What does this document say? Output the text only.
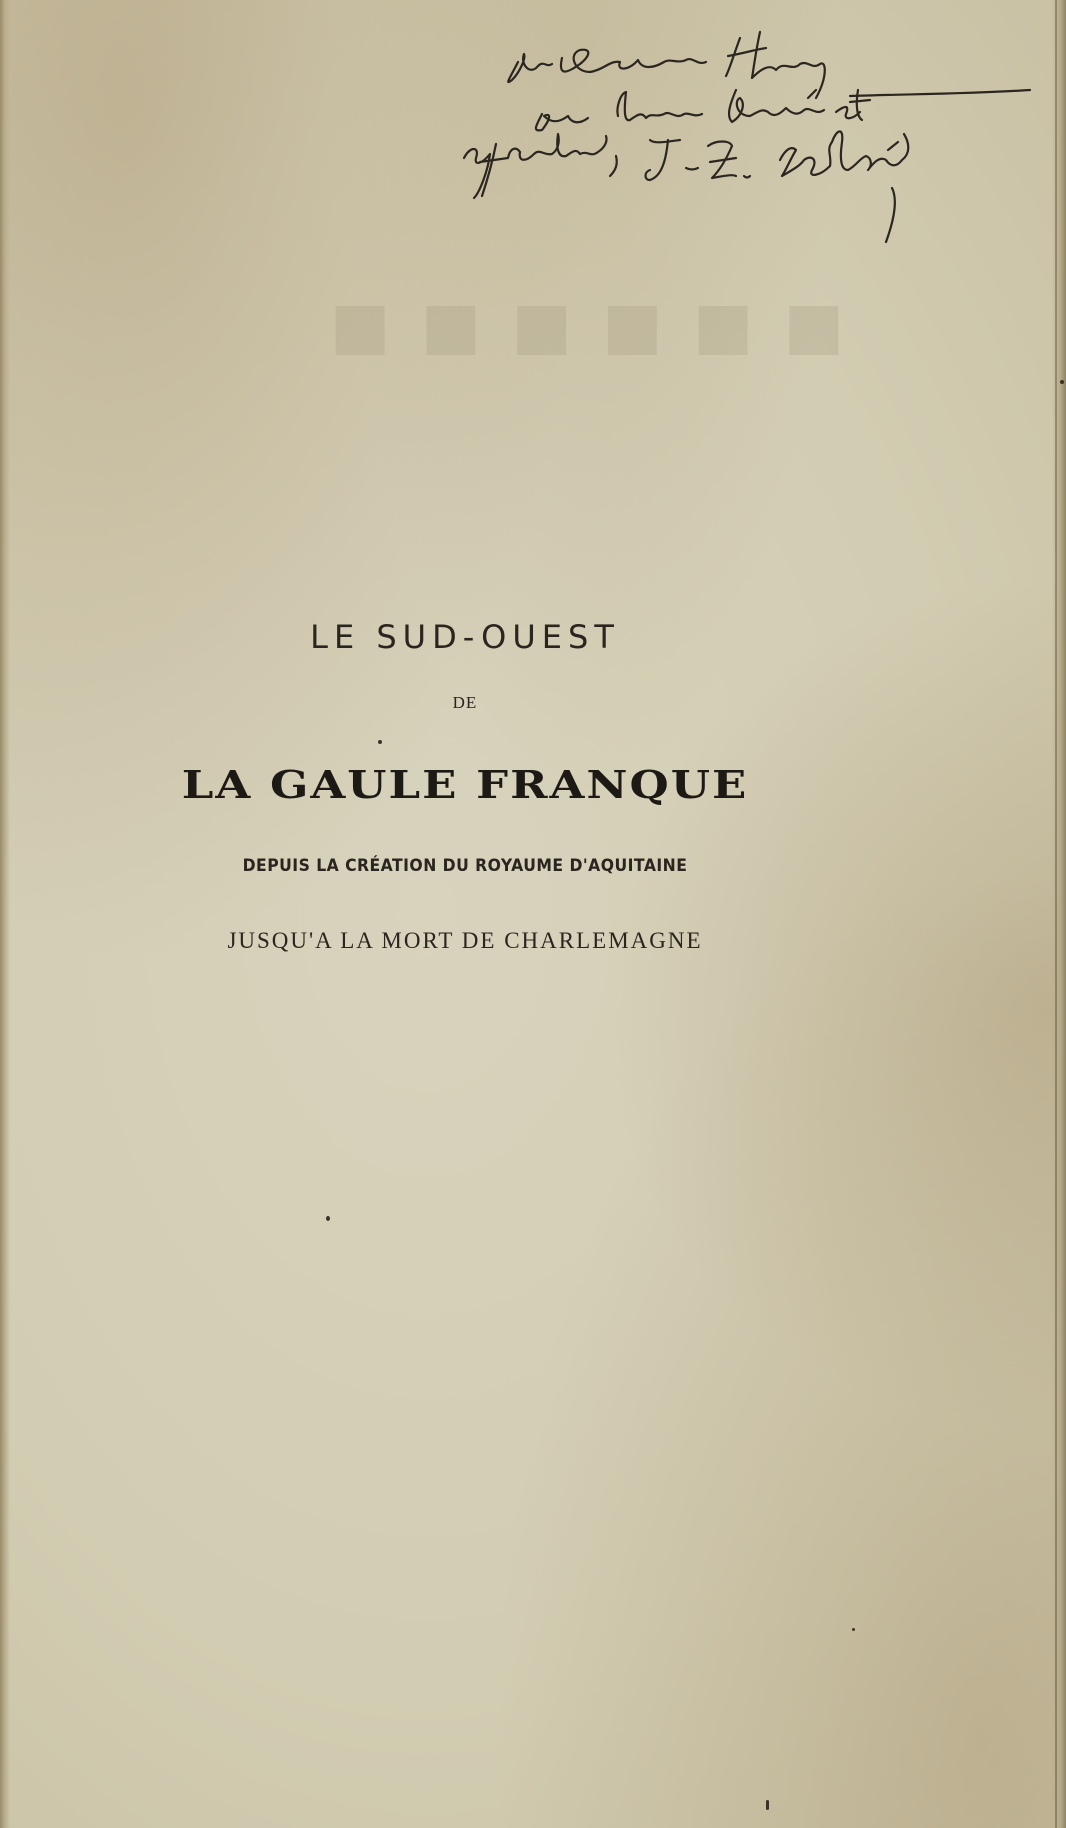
■ ■ ■ ■ ■ ■
LE SUD-OUEST
DE
LA GAULE FRANQUE
DEPUIS LA CRÉATION DU ROYAUME D'AQUITAINE
JUSQU'A LA MORT DE CHARLEMAGNE
